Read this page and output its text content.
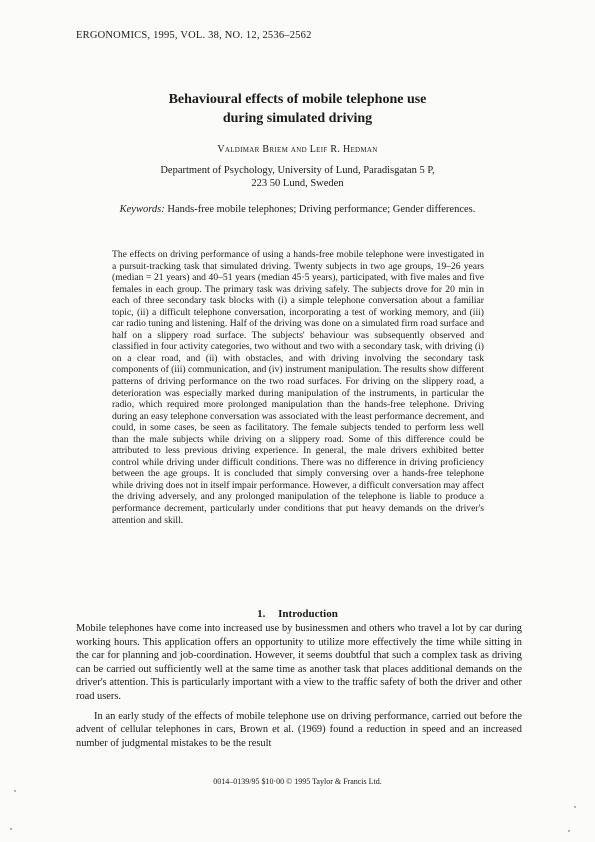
ERGONOMICS, 1995, VOL. 38, NO. 12, 2536–2562
Behavioural effects of mobile telephone use
during simulated driving
Valdimar Briem and Leif R. Hedman
Department of Psychology, University of Lund, Paradisgatan 5 P,
223 50 Lund, Sweden
Keywords: Hands-free mobile telephones; Driving performance; Gender differences.

The effects on driving performance of using a hands-free mobile telephone were investigated in a pursuit-tracking task that simulated driving. Twenty subjects in two age groups, 19–26 years (median = 21 years) and 40–51 years (median 45·5 years), participated, with five males and five females in each group. The primary task was driving safely. The subjects drove for 20 min in each of three secondary task blocks with (i) a simple telephone conversation about a familiar topic, (ii) a difficult telephone conversation, incorporating a test of working memory, and (iii) car radio tuning and listening. Half of the driving was done on a simulated firm road surface and half on a slippery road surface. The subjects' behaviour was subsequently observed and classified in four activity categories, two without and two with a secondary task, with driving (i) on a clear road, and (ii) with obstacles, and with driving involving the secondary task components of (iii) communication, and (iv) instrument manipulation. The results show different patterns of driving performance on the two road surfaces. For driving on the slippery road, a deterioration was especially marked during manipulation of the instruments, in particular the radio, which required more prolonged manipulation than the hands-free telephone. Driving during an easy telephone conversation was associated with the least performance decrement, and could, in some cases, be seen as facilitatory. The female subjects tended to perform less well than the male subjects while driving on a slippery road. Some of this difference could be attributed to less previous driving experience. In general, the male drivers exhibited better control while driving under difficult conditions. There was no difference in driving proficiency between the age groups. It is concluded that simply conversing over a hands-free telephone while driving does not in itself impair performance. However, a difficult conversation may affect the driving adversely, and any prolonged manipulation of the telephone is liable to produce a performance decrement, particularly under conditions that put heavy demands on the driver's attention and skill.

1. Introduction

Mobile telephones have come into increased use by businessmen and others who travel a lot by car during working hours. This application offers an opportunity to utilize more effectively the time while sitting in the car for planning and job-coordination. However, it seems doubtful that such a complex task as driving can be carried out sufficiently well at the same time as another task that places additional demands on the driver's attention. This is particularly important with a view to the traffic safety of both the driver and other road users.

In an early study of the effects of mobile telephone use on driving performance, carried out before the advent of cellular telephones in cars, Brown et al. (1969) found a reduction in speed and an increased number of judgmental mistakes to be the result

0014–0139/95 $10·00 © 1995 Taylor & Francis Ltd.
